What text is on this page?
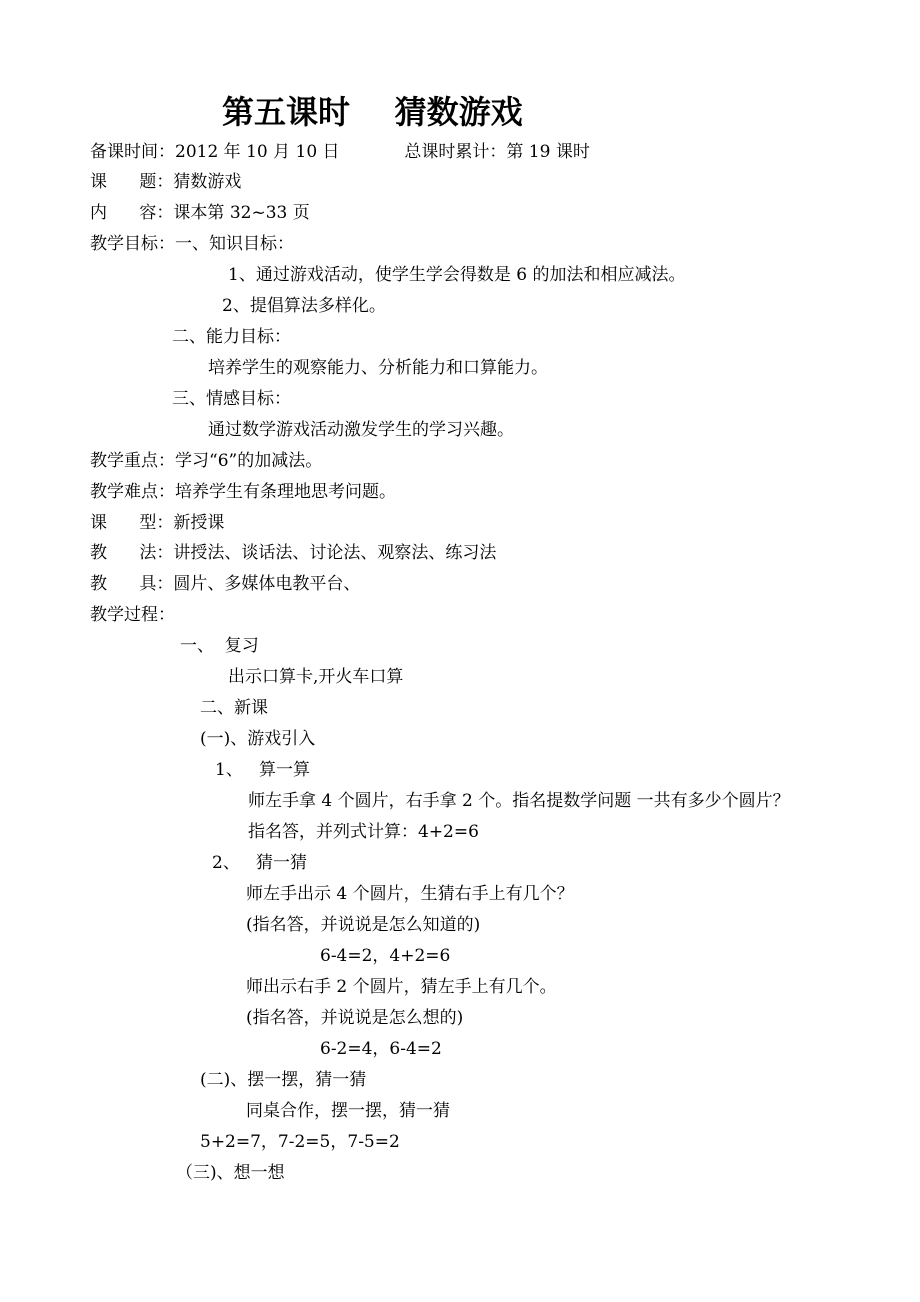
第五课时    猜数游戏
备课时间：2012 年 10 月 10 日            总课时累计：第 19 课时
课      题：猜数游戏
内      容：课本第 32~33 页
教学目标：一、知识目标：
1、通过游戏活动，使学生学会得数是 6 的加法和相应减法。
2、提倡算法多样化。
二、能力目标：
培养学生的观察能力、分析能力和口算能力。
三、情感目标：
通过数学游戏活动激发学生的学习兴趣。
教学重点：学习“6”的加减法。
教学难点：培养学生有条理地思考问题。
课      型：新授课
教      法：讲授法、谈话法、讨论法、观察法、练习法
教      具：圆片、多媒体电教平台、
教学过程：
一、  复习
出示口算卡,开火车口算
二、新课
(一)、游戏引入
1、   算一算
师左手拿 4 个圆片，右手拿 2 个。指名提数学问题 一共有多少个圆片？
指名答，并列式计算：4+2=6
2、   猜一猜
师左手出示 4 个圆片，生猜右手上有几个？
(指名答，并说说是怎么知道的)
6-4=2，4+2=6
师出示右手 2 个圆片，猜左手上有几个。
(指名答，并说说是怎么想的)
6-2=4，6-4=2
(二)、摆一摆，猜一猜
同桌合作，摆一摆，猜一猜
5+2=7，7-2=5，7-5=2
（三)、想一想
